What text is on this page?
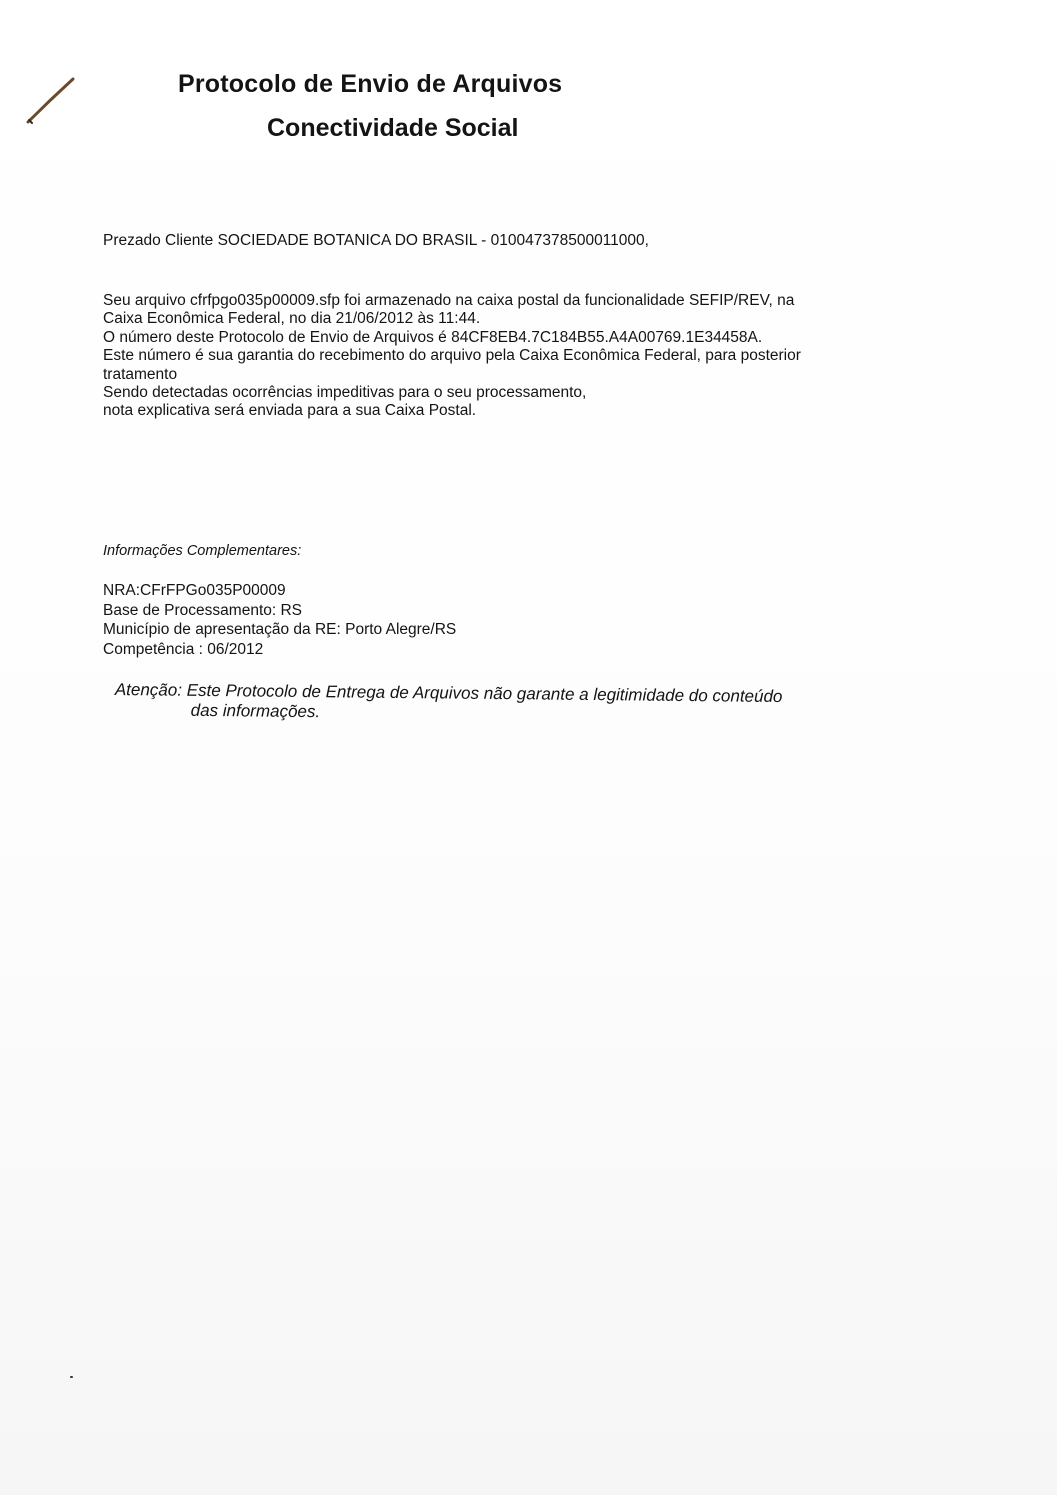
Protocolo de Envio de Arquivos
Conectividade Social
Prezado Cliente SOCIEDADE BOTANICA DO BRASIL - 010047378500011000,
Seu arquivo cfrfpgo035p00009.sfp foi armazenado na caixa postal da funcionalidade SEFIP/REV, na
Caixa Econômica Federal, no dia 21/06/2012 às 11:44.
O número deste Protocolo de Envio de Arquivos é 84CF8EB4.7C184B55.A4A00769.1E34458A.
Este número é sua garantia do recebimento do arquivo pela Caixa Econômica Federal, para posterior
tratamento
Sendo detectadas ocorrências impeditivas para o seu processamento,
nota explicativa será enviada para a sua Caixa Postal.
Informações Complementares:
NRA:CFrFPGo035P00009
Base de Processamento: RS
Município de apresentação da RE: Porto Alegre/RS
Competência : 06/2012
Atenção: Este Protocolo de Entrega de Arquivos não garante a legitimidade do conteúdo
das informações.
